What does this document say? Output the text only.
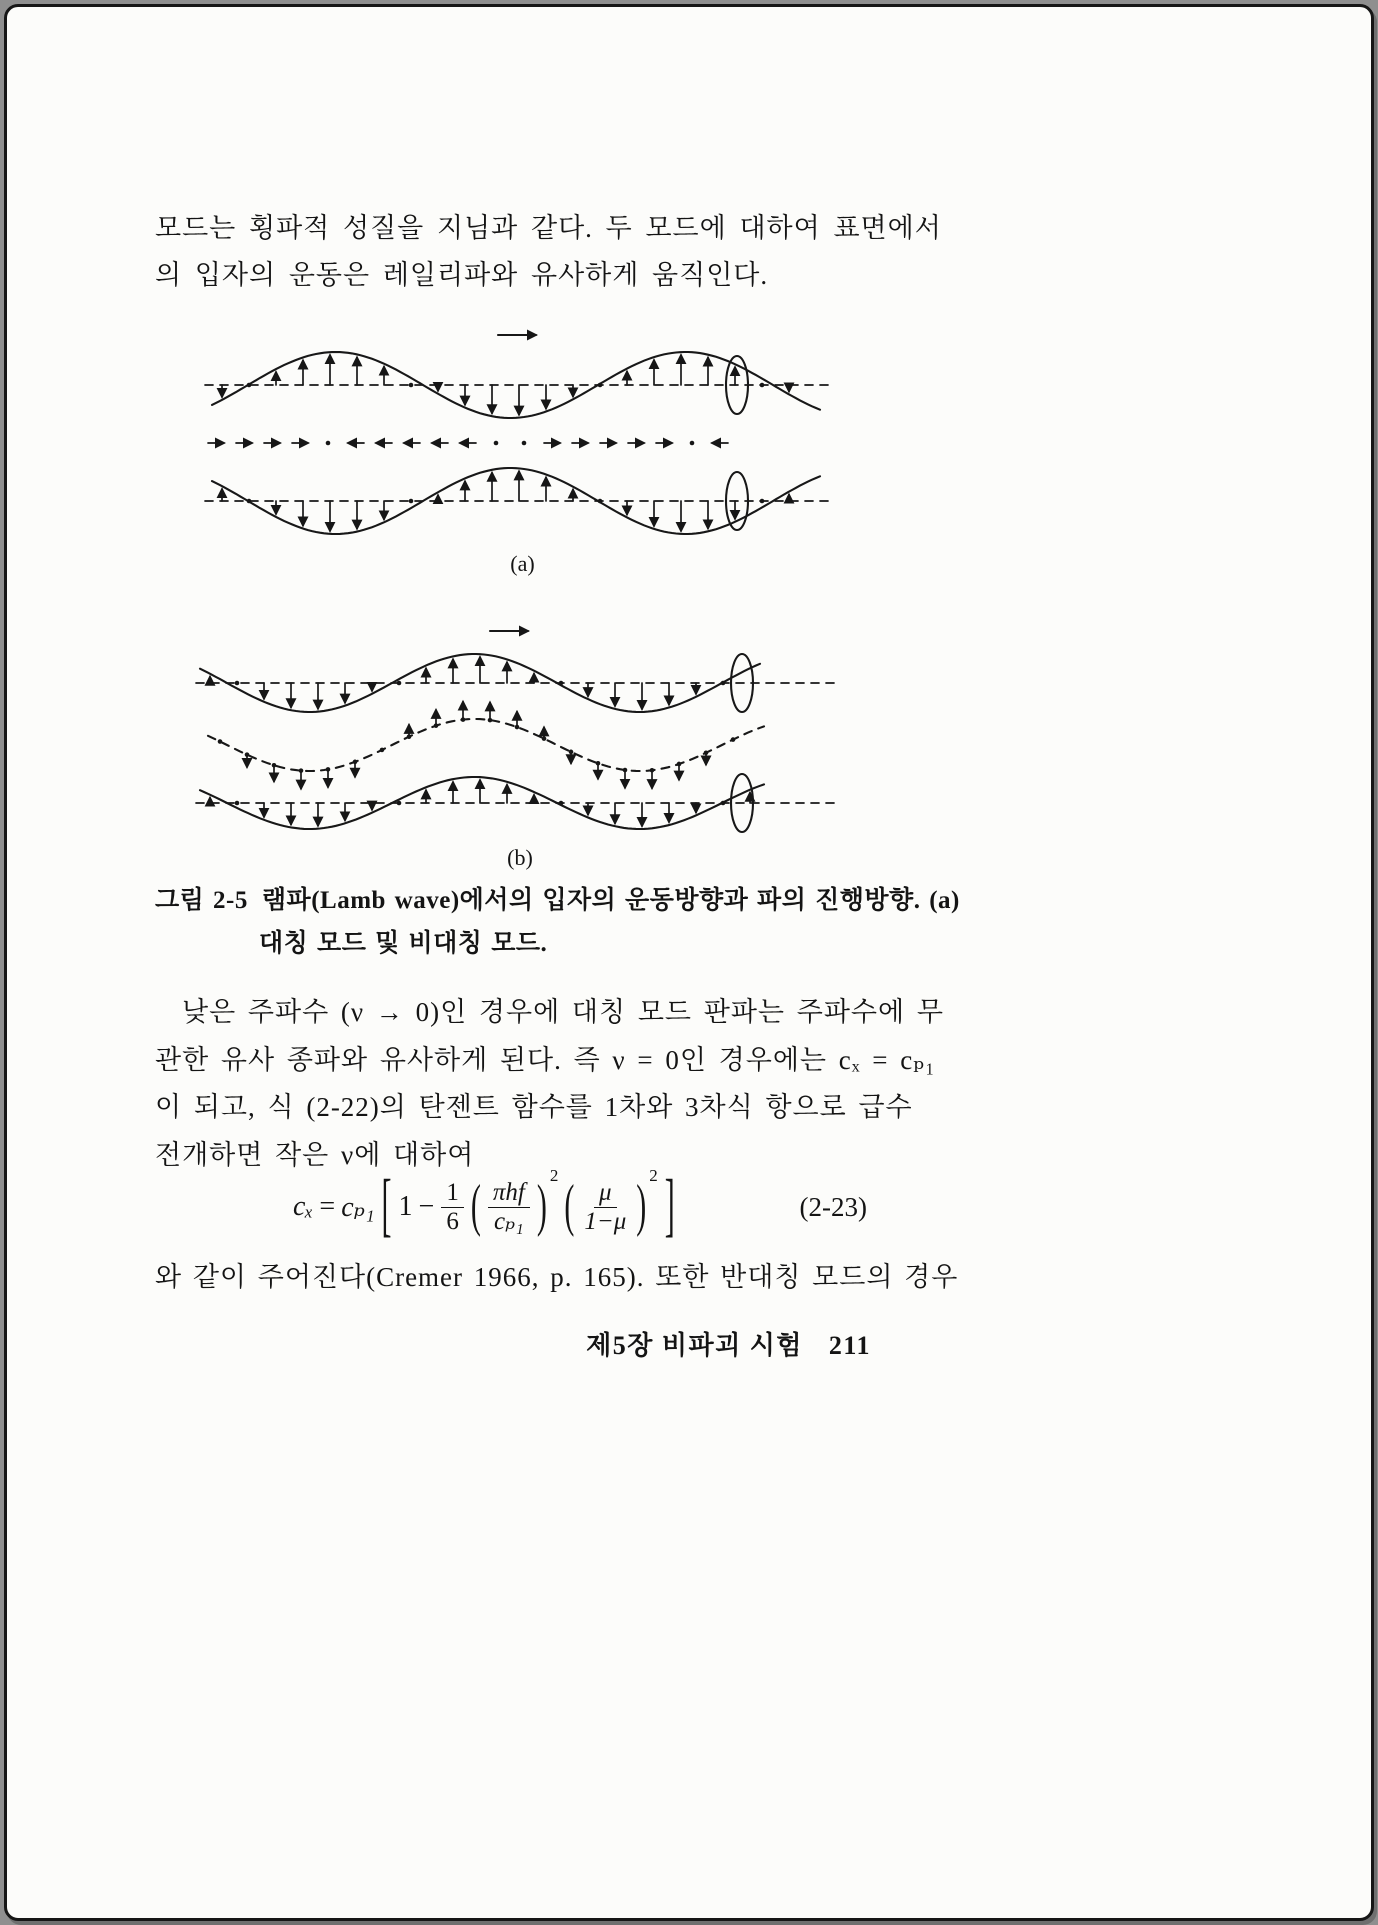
모드는 횡파적 성질을 지님과 같다. 두 모드에 대하여 표면에서
의 입자의 운동은 레일리파와 유사하게 움직인다.
(a)
(b)
그림 2-5 램파(Lamb wave)에서의 입자의 운동방향과 파의 진행방향. (a)
대칭 모드 및 비대칭 모드.
낮은 주파수 (ν → 0)인 경우에 대칭 모드 판파는 주파수에 무
관한 유사 종파와 유사하게 된다. 즉 ν = 0인 경우에는 cₓ = cₚ₁
이 되고, 식 (2-22)의 탄젠트 함수를 1차와 3차식 항으로 급수
전개하면 작은 ν에 대하여
cₓ = cₚ₁ [ $1 - \frac{1}{6}$ ( $\frac{\text{πhf}}{\text{cₚ₁}}$ ) 2 ( $\frac{\mu}{1-\mu}$ ) 2 ]	(2-23)
와 같이 주어진다(Cremer 1966, p. 165). 또한 반대칭 모드의 경우
제5장 비파괴 시험 211
